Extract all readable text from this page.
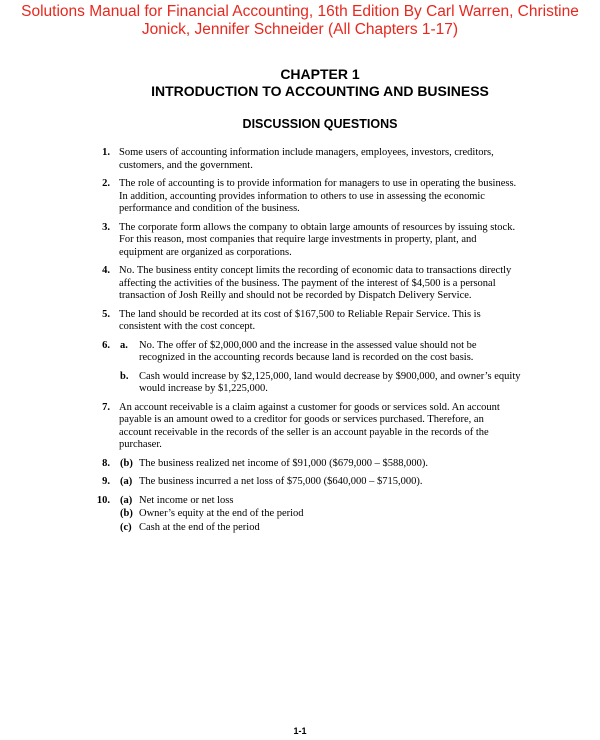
Solutions Manual for Financial Accounting, 16th Edition By Carl Warren, Christine Jonick, Jennifer Schneider (All Chapters 1-17)
CHAPTER 1
INTRODUCTION TO ACCOUNTING AND BUSINESS
DISCUSSION QUESTIONS
1. Some users of accounting information include managers, employees, investors, creditors, customers, and the government.
2. The role of accounting is to provide information for managers to use in operating the business. In addition, accounting provides information to others to use in assessing the economic performance and condition of the business.
3. The corporate form allows the company to obtain large amounts of resources by issuing stock. For this reason, most companies that require large investments in property, plant, and equipment are organized as corporations.
4. No. The business entity concept limits the recording of economic data to transactions directly affecting the activities of the business. The payment of the interest of $4,500 is a personal transaction of Josh Reilly and should not be recorded by Dispatch Delivery Service.
5. The land should be recorded at its cost of $167,500 to Reliable Repair Service. This is consistent with the cost concept.
6. a. No. The offer of $2,000,000 and the increase in the assessed value should not be recognized in the accounting records because land is recorded on the cost basis.
b. Cash would increase by $2,125,000, land would decrease by $900,000, and owner’s equity would increase by $1,225,000.
7. An account receivable is a claim against a customer for goods or services sold. An account payable is an amount owed to a creditor for goods or services purchased. Therefore, an account receivable in the records of the seller is an account payable in the records of the purchaser.
8. (b) The business realized net income of $91,000 ($679,000 – $588,000).
9. (a) The business incurred a net loss of $75,000 ($640,000 – $715,000).
10. (a) Net income or net loss
(b) Owner’s equity at the end of the period
(c) Cash at the end of the period
1-1
